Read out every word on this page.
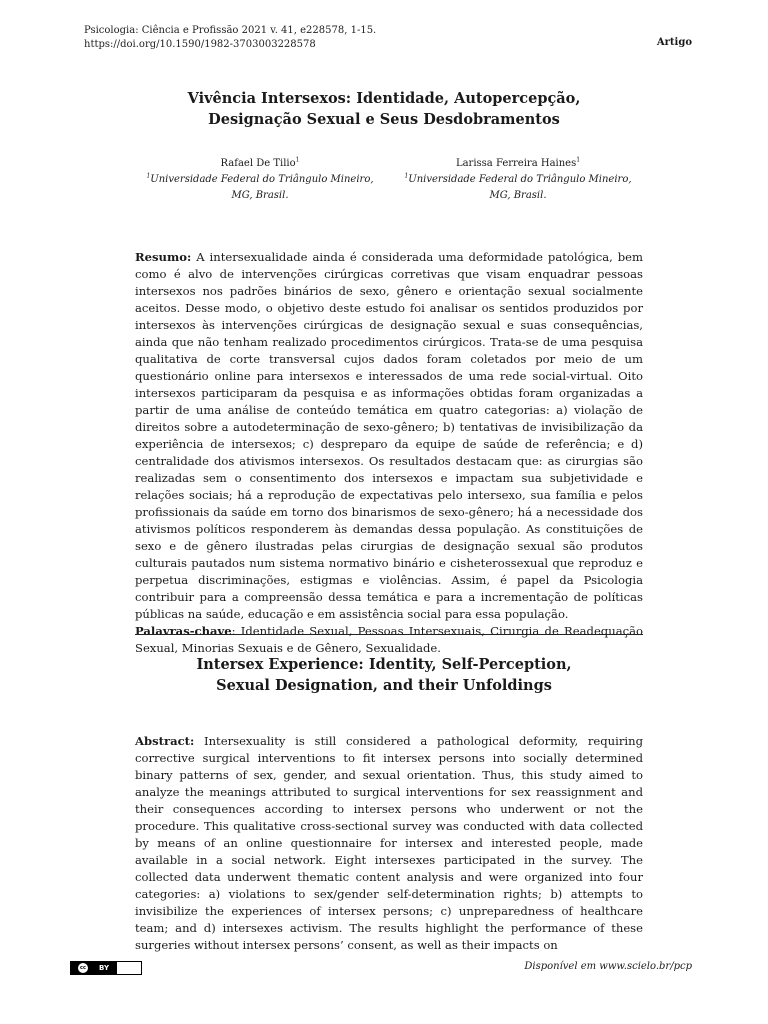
Psicologia: Ciência e Profissão 2021 v. 41, e228578, 1-15.
https://doi.org/10.1590/1982-3703003228578	Artigo
Vivência Intersexos: Identidade, Autopercepção,
Designação Sexual e Seus Desdobramentos
Rafael De Tilio$^1$
$^1$Universidade Federal do Triângulo Mineiro,
MG, Brasil.
Larissa Ferreira Haines$^1$
$^1$Universidade Federal do Triângulo Mineiro,
MG, Brasil.
Resumo: A intersexualidade ainda é considerada uma deformidade patológica, bem como é alvo de intervenções cirúrgicas corretivas que visam enquadrar pessoas intersexos nos padrões binários de sexo, gênero e orientação sexual socialmente aceitos. Desse modo, o objetivo deste estudo foi analisar os sentidos produzidos por intersexos às intervenções cirúrgicas de designação sexual e suas consequências, ainda que não tenham realizado procedimentos cirúrgicos. Trata-se de uma pesquisa qualitativa de corte transversal cujos dados foram coletados por meio de um questionário online para intersexos e interessados de uma rede social-virtual. Oito intersexos participaram da pesquisa e as informações obtidas foram organizadas a partir de uma análise de conteúdo temática em quatro categorias: a) violação de direitos sobre a autodeterminação de sexo-gênero; b) tentativas de invisibilização da experiência de intersexos; c) despreparo da equipe de saúde de referência; e d) centralidade dos ativismos intersexos. Os resultados destacam que: as cirurgias são realizadas sem o consentimento dos intersexos e impactam sua subjetividade e relações sociais; há a reprodução de expectativas pelo intersexo, sua família e pelos profissionais da saúde em torno dos binarismos de sexo-gênero; há a necessidade dos ativismos políticos responderem às demandas dessa população. As constituições de sexo e de gênero ilustradas pelas cirurgias de designação sexual são produtos culturais pautados num sistema normativo binário e cisheterossexual que reproduz e perpetua discriminações, estigmas e violências. Assim, é papel da Psicologia contribuir para a compreensão dessa temática e para a incrementação de políticas públicas na saúde, educação e em assistência social para essa população.
Palavras-chave: Identidade Sexual, Pessoas Intersexuais, Cirurgia de Readequação Sexual, Minorias Sexuais e de Gênero, Sexualidade.
Intersex Experience: Identity, Self-Perception,
Sexual Designation, and their Unfoldings
Abstract: Intersexuality is still considered a pathological deformity, requiring corrective surgical interventions to fit intersex persons into socially determined binary patterns of sex, gender, and sexual orientation. Thus, this study aimed to analyze the meanings attributed to surgical interventions for sex reassignment and their consequences according to intersex persons who underwent or not the procedure. This qualitative cross-sectional survey was conducted with data collected by means of an online questionnaire for intersex and interested people, made available in a social network. Eight intersexes participated in the survey. The collected data underwent thematic content analysis and were organized into four categories: a) violations to sex/gender self-determination rights; b) attempts to invisibilize the experiences of intersex persons; c) unpreparedness of healthcare team; and d) intersexes activism. The results highlight the performance of these surgeries without intersex persons’ consent, as well as their impacts on
cc	BY	Disponível em www.scielo.br/pcp
